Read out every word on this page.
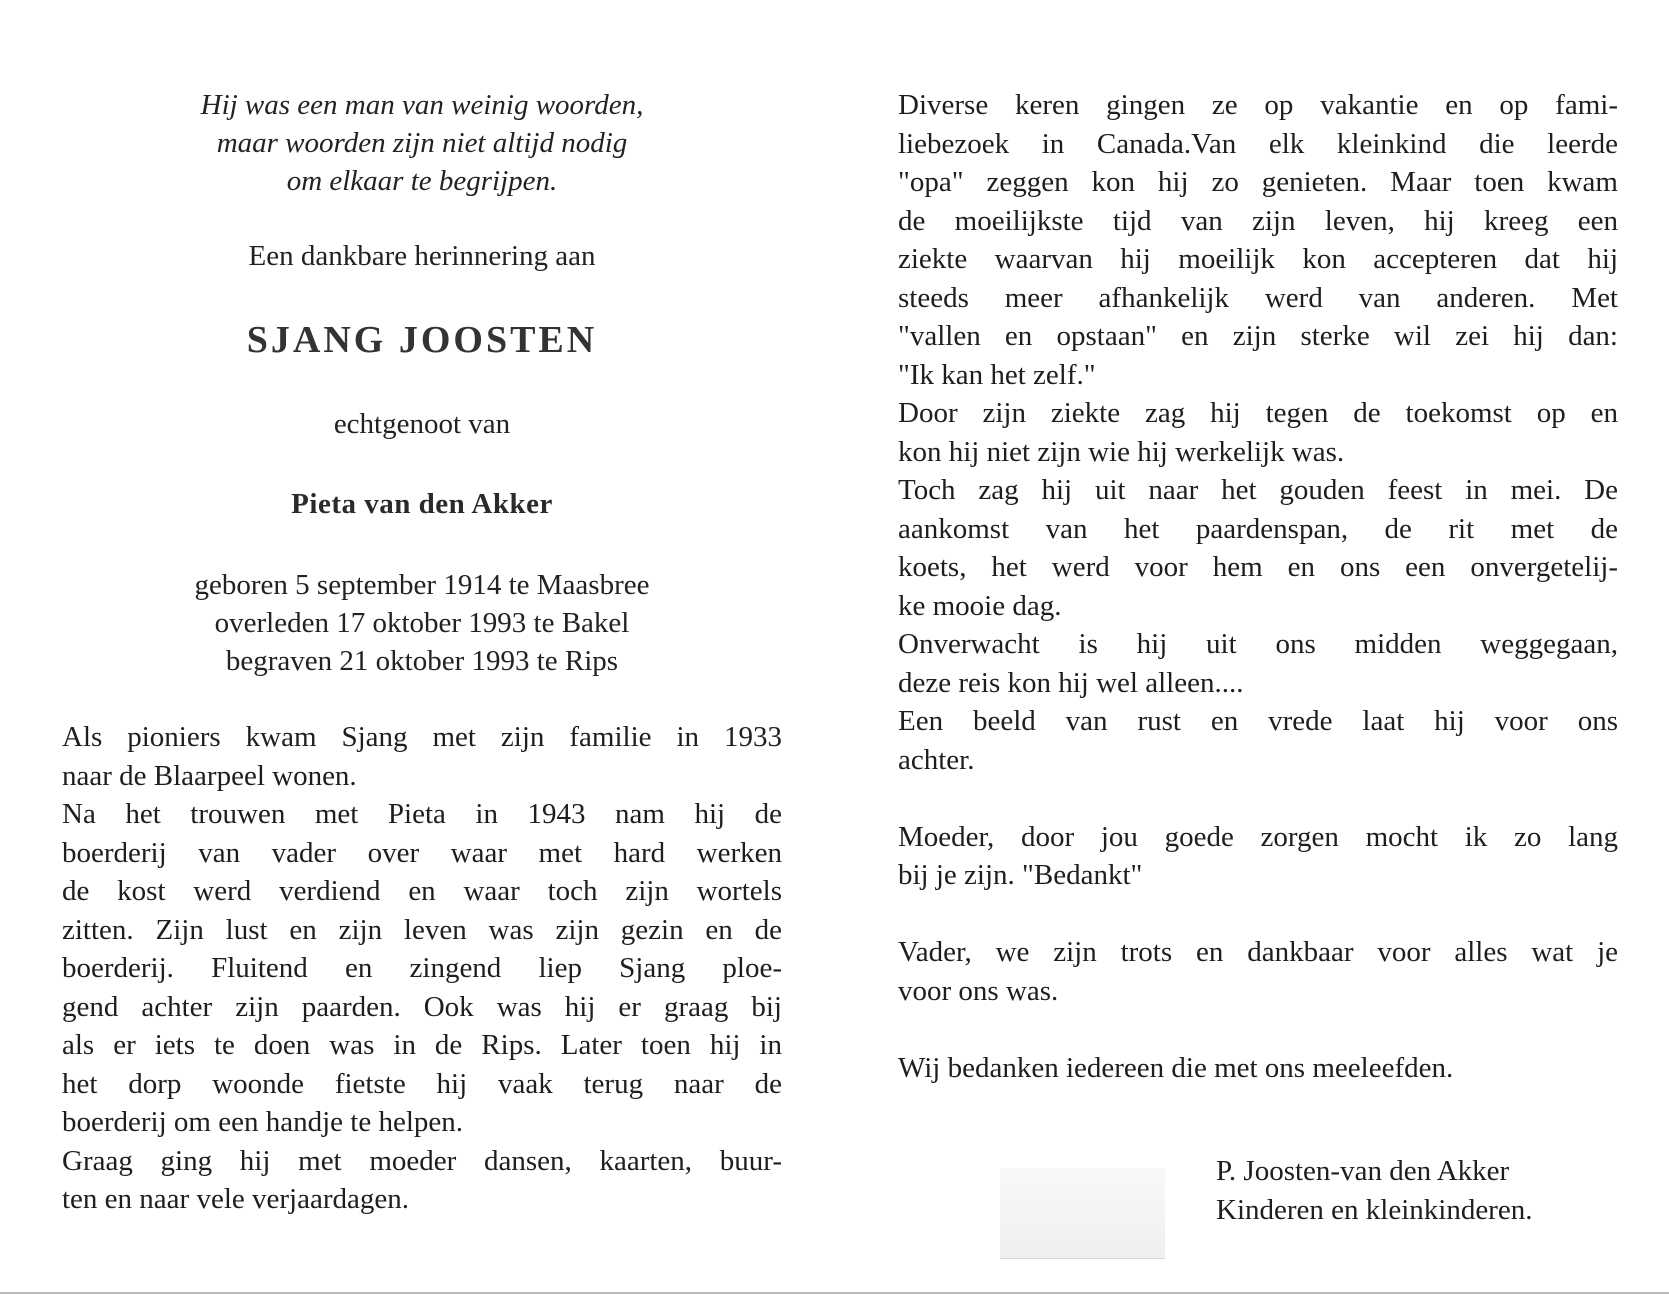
Hij was een man van weinig woorden,
maar woorden zijn niet altijd nodig
om elkaar te begrijpen.
Een dankbare herinnering aan
SJANG JOOSTEN
echtgenoot van
Pieta van den Akker
geboren 5 september 1914 te Maasbree
overleden 17 oktober 1993 te Bakel
begraven 21 oktober 1993 te Rips
Als pioniers kwam Sjang met zijn familie in 1933
naar de Blaarpeel wonen.
Na het trouwen met Pieta in 1943 nam hij de
boerderij van vader over waar met hard werken
de kost werd verdiend en waar toch zijn wortels
zitten. Zijn lust en zijn leven was zijn gezin en de
boerderij. Fluitend en zingend liep Sjang ploe-
gend achter zijn paarden. Ook was hij er graag bij
als er iets te doen was in de Rips. Later toen hij in
het dorp woonde fietste hij vaak terug naar de
boerderij om een handje te helpen.
Graag ging hij met moeder dansen, kaarten, buur-
ten en naar vele verjaardagen.
Diverse keren gingen ze op vakantie en op fami-
liebezoek in Canada.Van elk kleinkind die leerde
"opa" zeggen kon hij zo genieten. Maar toen kwam
de moeilijkste tijd van zijn leven, hij kreeg een
ziekte waarvan hij moeilijk kon accepteren dat hij
steeds meer afhankelijk werd van anderen. Met
"vallen en opstaan" en zijn sterke wil zei hij dan:
"Ik kan het zelf."
Door zijn ziekte zag hij tegen de toekomst op en
kon hij niet zijn wie hij werkelijk was.
Toch zag hij uit naar het gouden feest in mei. De
aankomst van het paardenspan, de rit met de
koets, het werd voor hem en ons een onvergetelij-
ke mooie dag.
Onverwacht is hij uit ons midden weggegaan,
deze reis kon hij wel alleen....
Een beeld van rust en vrede laat hij voor ons
achter.
Moeder, door jou goede zorgen mocht ik zo lang
bij je zijn. "Bedankt"
Vader, we zijn trots en dankbaar voor alles wat je
voor ons was.
Wij bedanken iedereen die met ons meeleefden.
P. Joosten-van den Akker
Kinderen en kleinkinderen.
